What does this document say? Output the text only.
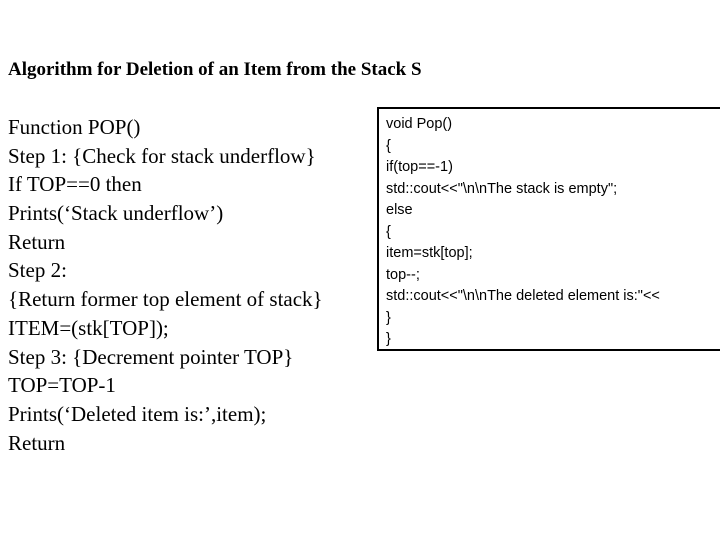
Algorithm for Deletion of an Item from the Stack S
Function POP()
Step 1: {Check for stack underflow}
If TOP==0 then
Prints(‘Stack underflow’)
Return
Step 2:
{Return former top element of stack}
ITEM=(stk[TOP]);
Step 3: {Decrement pointer TOP}
TOP=TOP-1
Prints(‘Deleted item is:’,item);
Return
void Pop()
{
if(top==-1)
std::cout<<"\n\nThe stack is empty";
else
{
item=stk[top];
top--;
std::cout<<"\n\nThe deleted element is:"<<
}
}
